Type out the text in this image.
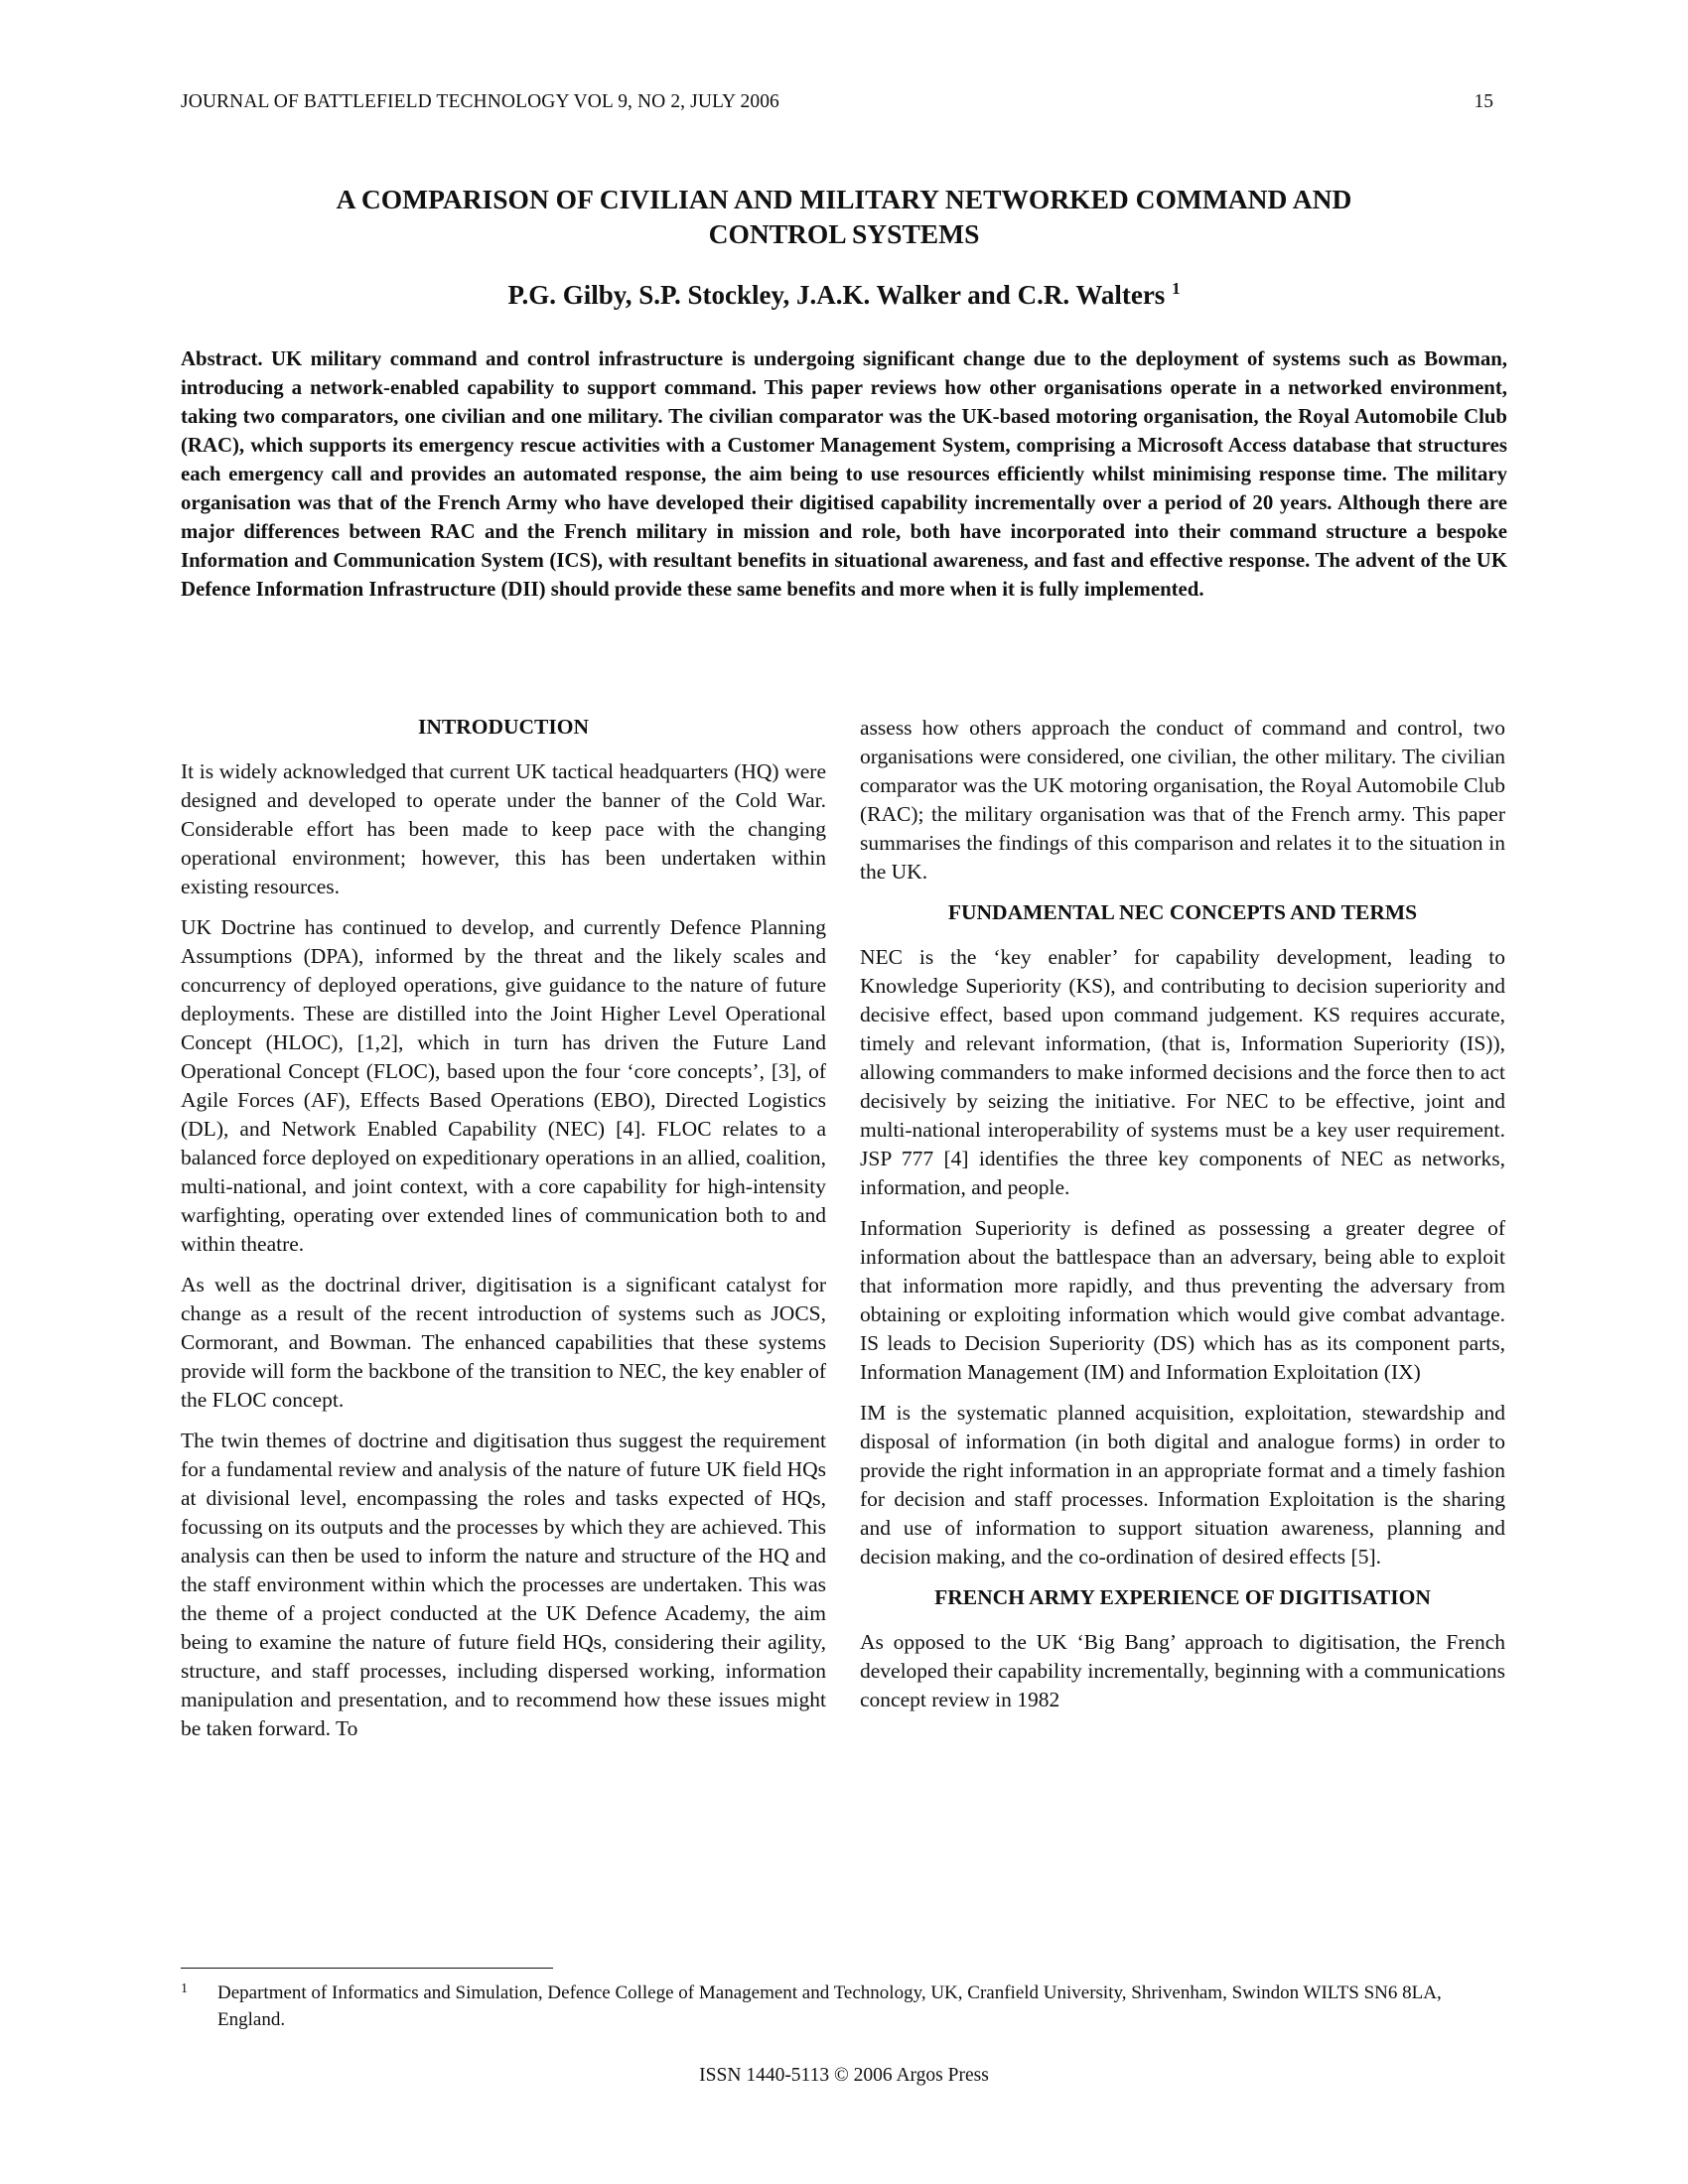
JOURNAL OF BATTLEFIELD TECHNOLOGY VOL 9, NO 2, JULY 2006	15
A COMPARISON OF CIVILIAN AND MILITARY NETWORKED COMMAND AND
CONTROL SYSTEMS
P.G. Gilby, S.P. Stockley, J.A.K. Walker and C.R. Walters $^1$

Abstract. UK military command and control infrastructure is undergoing significant change due to the deployment of systems such as Bowman, introducing a network-enabled capability to support command. This paper reviews how other organisations operate in a networked environment, taking two comparators, one civilian and one military. The civilian comparator was the UK-based motoring organisation, the Royal Automobile Club (RAC), which supports its emergency rescue activities with a Customer Management System, comprising a Microsoft Access database that structures each emergency call and provides an automated response, the aim being to use resources efficiently whilst minimising response time. The military organisation was that of the French Army who have developed their digitised capability incrementally over a period of 20 years. Although there are major differences between RAC and the French military in mission and role, both have incorporated into their command structure a bespoke Information and Communication System (ICS), with resultant benefits in situational awareness, and fast and effective response. The advent of the UK Defence Information Infrastructure (DII) should provide these same benefits and more when it is fully implemented.

INTRODUCTION

It is widely acknowledged that current UK tactical headquarters (HQ) were designed and developed to operate under the banner of the Cold War. Considerable effort has been made to keep pace with the changing operational environment; however, this has been undertaken within existing resources.

UK Doctrine has continued to develop, and currently Defence Planning Assumptions (DPA), informed by the threat and the likely scales and concurrency of deployed operations, give guidance to the nature of future deployments. These are distilled into the Joint Higher Level Operational Concept (HLOC), [1,2], which in turn has driven the Future Land Operational Concept (FLOC), based upon the four ‘core concepts’, [3], of Agile Forces (AF), Effects Based Operations (EBO), Directed Logistics (DL), and Network Enabled Capability (NEC) [4]. FLOC relates to a balanced force deployed on expeditionary operations in an allied, coalition, multi-national, and joint context, with a core capability for high-intensity warfighting, operating over extended lines of communication both to and within theatre.

As well as the doctrinal driver, digitisation is a significant catalyst for change as a result of the recent introduction of systems such as JOCS, Cormorant, and Bowman. The enhanced capabilities that these systems provide will form the backbone of the transition to NEC, the key enabler of the FLOC concept.

The twin themes of doctrine and digitisation thus suggest the requirement for a fundamental review and analysis of the nature of future UK field HQs at divisional level, encompassing the roles and tasks expected of HQs, focussing on its outputs and the processes by which they are achieved. This analysis can then be used to inform the nature and structure of the HQ and the staff environment within which the processes are undertaken. This was the theme of a project conducted at the UK Defence Academy, the aim being to examine the nature of future field HQs, considering their agility, structure, and staff processes, including dispersed working, information manipulation and presentation, and to recommend how these issues might be taken forward. To

assess how others approach the conduct of command and control, two organisations were considered, one civilian, the other military. The civilian comparator was the UK motoring organisation, the Royal Automobile Club (RAC); the military organisation was that of the French army. This paper summarises the findings of this comparison and relates it to the situation in the UK.

FUNDAMENTAL NEC CONCEPTS AND TERMS

NEC is the ‘key enabler’ for capability development, leading to Knowledge Superiority (KS), and contributing to decision superiority and decisive effect, based upon command judgement. KS requires accurate, timely and relevant information, (that is, Information Superiority (IS)), allowing commanders to make informed decisions and the force then to act decisively by seizing the initiative. For NEC to be effective, joint and multi-national interoperability of systems must be a key user requirement. JSP 777 [4] identifies the three key components of NEC as networks, information, and people.

Information Superiority is defined as possessing a greater degree of information about the battlespace than an adversary, being able to exploit that information more rapidly, and thus preventing the adversary from obtaining or exploiting information which would give combat advantage. IS leads to Decision Superiority (DS) which has as its component parts, Information Management (IM) and Information Exploitation (IX)

IM is the systematic planned acquisition, exploitation, stewardship and disposal of information (in both digital and analogue forms) in order to provide the right information in an appropriate format and a timely fashion for decision and staff processes. Information Exploitation is the sharing and use of information to support situation awareness, planning and decision making, and the co-ordination of desired effects [5].

FRENCH ARMY EXPERIENCE OF DIGITISATION

As opposed to the UK ‘Big Bang’ approach to digitisation, the French developed their capability incrementally, beginning with a communications concept review in 1982

1 Department of Informatics and Simulation, Defence College of Management and Technology, UK, Cranfield University, Shrivenham, Swindon WILTS SN6 8LA, England.
ISSN 1440-5113 © 2006 Argos Press
